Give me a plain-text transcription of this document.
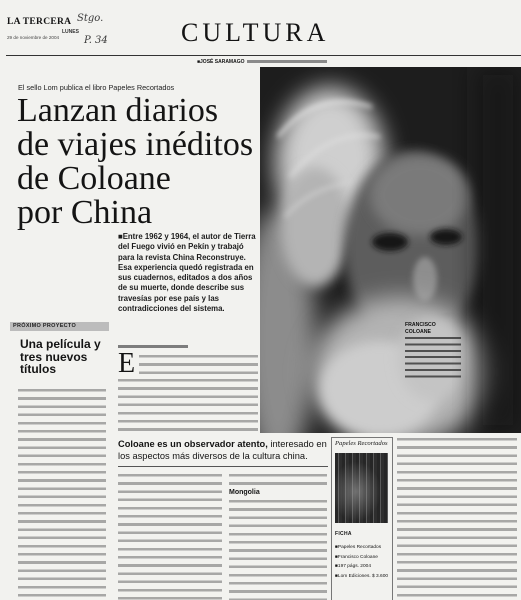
LA TERCERA Stgo.
LUNES
29 de noviembre de 2004 P. 34	CULTURA
■ JOSÉ SARAMAGO
El sello Lom publica el libro Papeles Recortados
Lanzan diarios
de viajes inéditos
de Coloane
por China
■ Entre 1962 y 1964, el autor de Tierra del Fuego vivió en Pekín y trabajó para la revista China Reconstruye. Esa experiencia quedó registrada en sus cuadernos, editados a dos años de su muerte, donde describe sus travesías por ese país y las contradicciones del sistema.
PRÓXIMO PROYECTO
Una película y tres nuevos títulos	E
FRANCISCO COLOANE
Coloane es un observador atento, interesado en los aspectos más diversos de la cultura china.
Mongolia
Papeles Recortados
FICHA
■ Papeles Recortados
■ Francisco Coloane
■ 197 págs. 2004
■ Lom Ediciones. $ 3.600
